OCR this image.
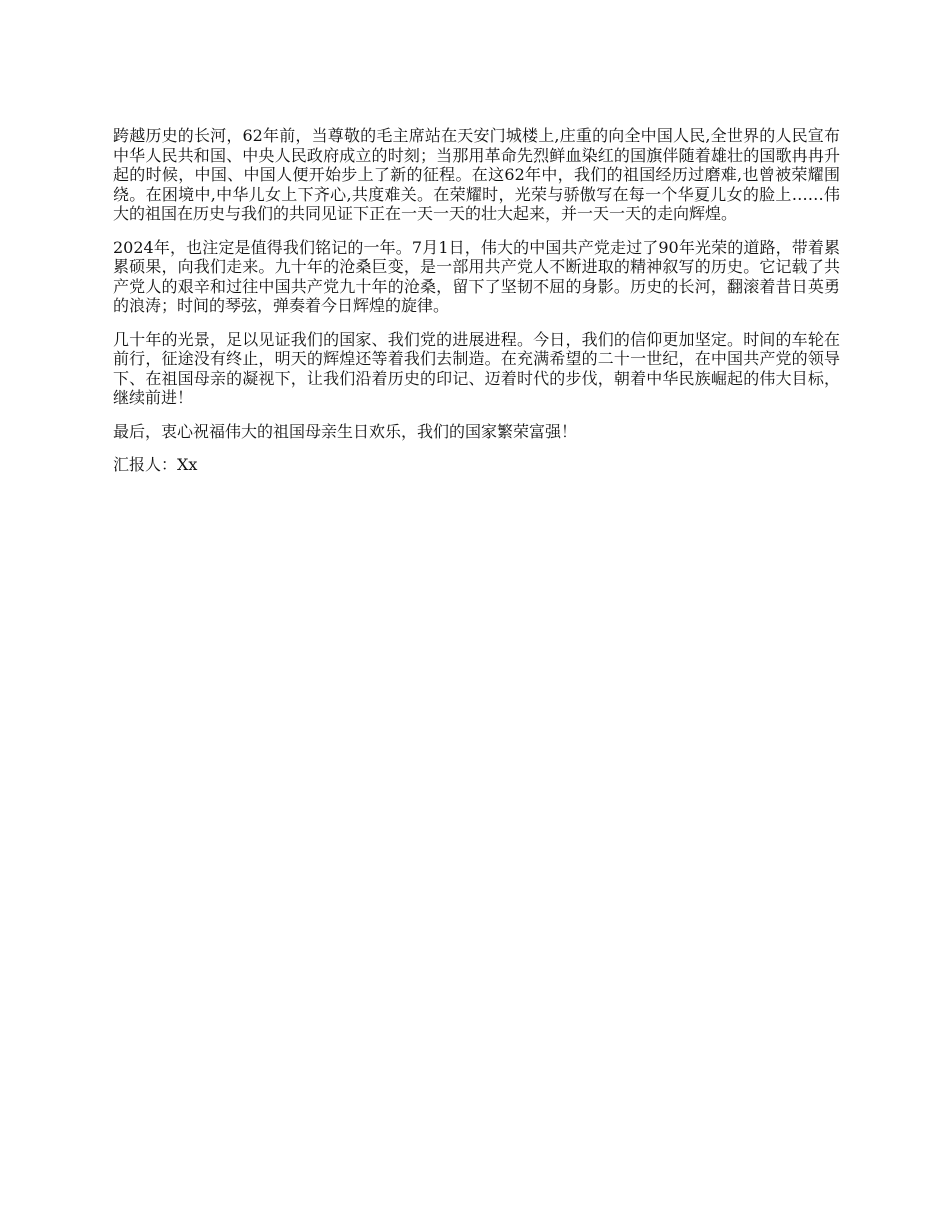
跨越历史的长河，62年前，当尊敬的毛主席站在天安门城楼上,庄重的向全中国人民,全世界的人民宣布中华人民共和国、中央人民政府成立的时刻；当那用革命先烈鲜血染红的国旗伴随着雄壮的国歌冉冉升起的时候，中国、中国人便开始步上了新的征程。在这62年中，我们的祖国经历过磨难,也曾被荣耀围绕。在困境中,中华儿女上下齐心,共度难关。在荣耀时，光荣与骄傲写在每一个华夏儿女的脸上……伟大的祖国在历史与我们的共同见证下正在一天一天的壮大起来，并一天一天的走向辉煌。

2024年，也注定是值得我们铭记的一年。7月1日，伟大的中国共产党走过了90年光荣的道路，带着累累硕果，向我们走来。九十年的沧桑巨变，是一部用共产党人不断进取的精神叙写的历史。它记载了共产党人的艰辛和过往中国共产党九十年的沧桑，留下了坚韧不屈的身影。历史的长河，翻滚着昔日英勇的浪涛；时间的琴弦，弹奏着今日辉煌的旋律。

几十年的光景，足以见证我们的国家、我们党的进展进程。今日，我们的信仰更加坚定。时间的车轮在前行，征途没有终止，明天的辉煌还等着我们去制造。在充满希望的二十一世纪，在中国共产党的领导下、在祖国母亲的凝视下，让我们沿着历史的印记、迈着时代的步伐，朝着中华民族崛起的伟大目标，继续前进！

最后，衷心祝福伟大的祖国母亲生日欢乐，我们的国家繁荣富强！

汇报人：Xx
